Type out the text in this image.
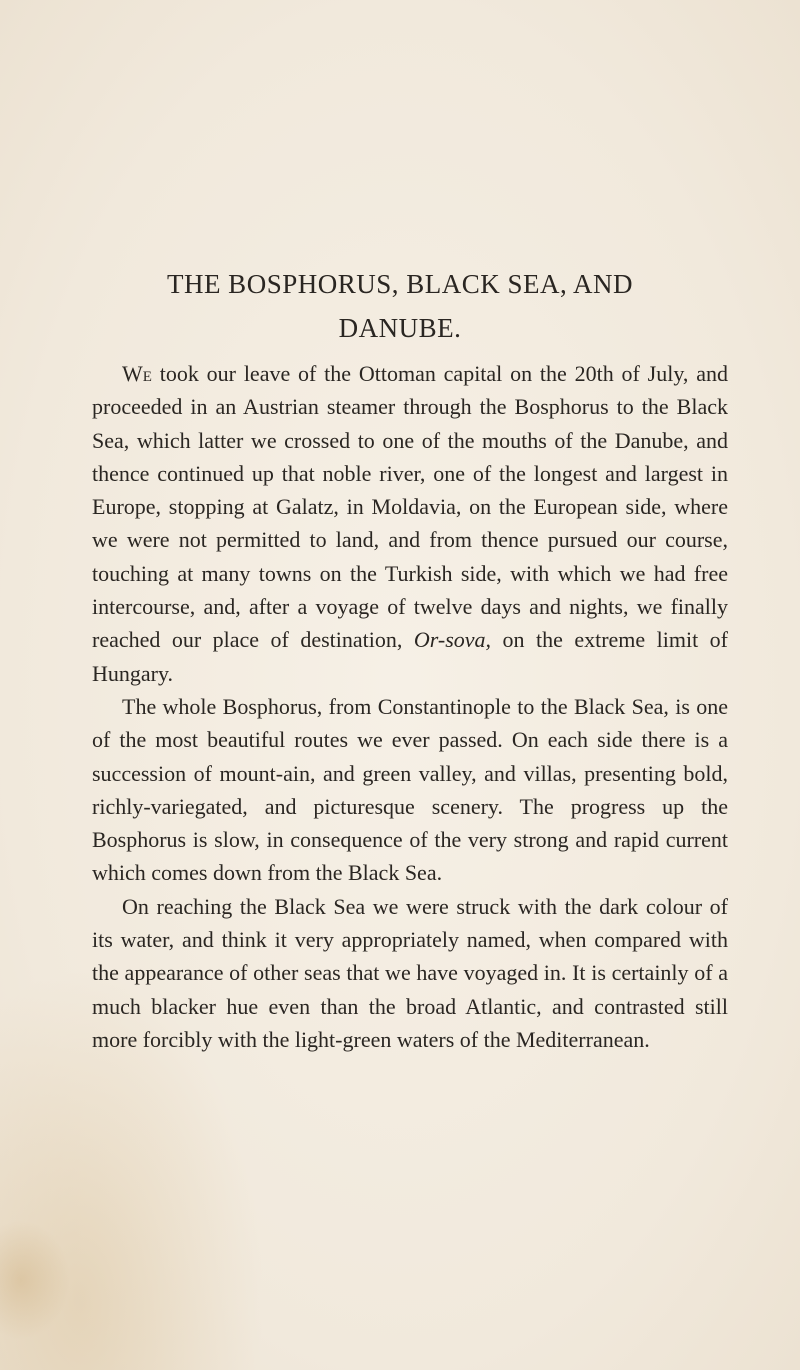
THE BOSPHORUS, BLACK SEA, AND
DANUBE.

We took our leave of the Ottoman capital on the 20th of July, and proceeded in an Austrian steamer through the Bosphorus to the Black Sea, which latter we crossed to one of the mouths of the Danube, and thence continued up that noble river, one of the longest and largest in Europe, stopping at Galatz, in Moldavia, on the European side, where we were not permitted to land, and from thence pursued our course, touching at many towns on the Turkish side, with which we had free intercourse, and, after a voyage of twelve days and nights, we finally reached our place of destination, Or-sova, on the extreme limit of Hungary.

The whole Bosphorus, from Constantinople to the Black Sea, is one of the most beautiful routes we ever passed. On each side there is a succession of mount-ain, and green valley, and villas, presenting bold, richly-variegated, and picturesque scenery. The progress up the Bosphorus is slow, in consequence of the very strong and rapid current which comes down from the Black Sea.

On reaching the Black Sea we were struck with the dark colour of its water, and think it very appropriately named, when compared with the appearance of other seas that we have voyaged in. It is certainly of a much blacker hue even than the broad Atlantic, and contrasted still more forcibly with the light-green waters of the Mediterranean.
